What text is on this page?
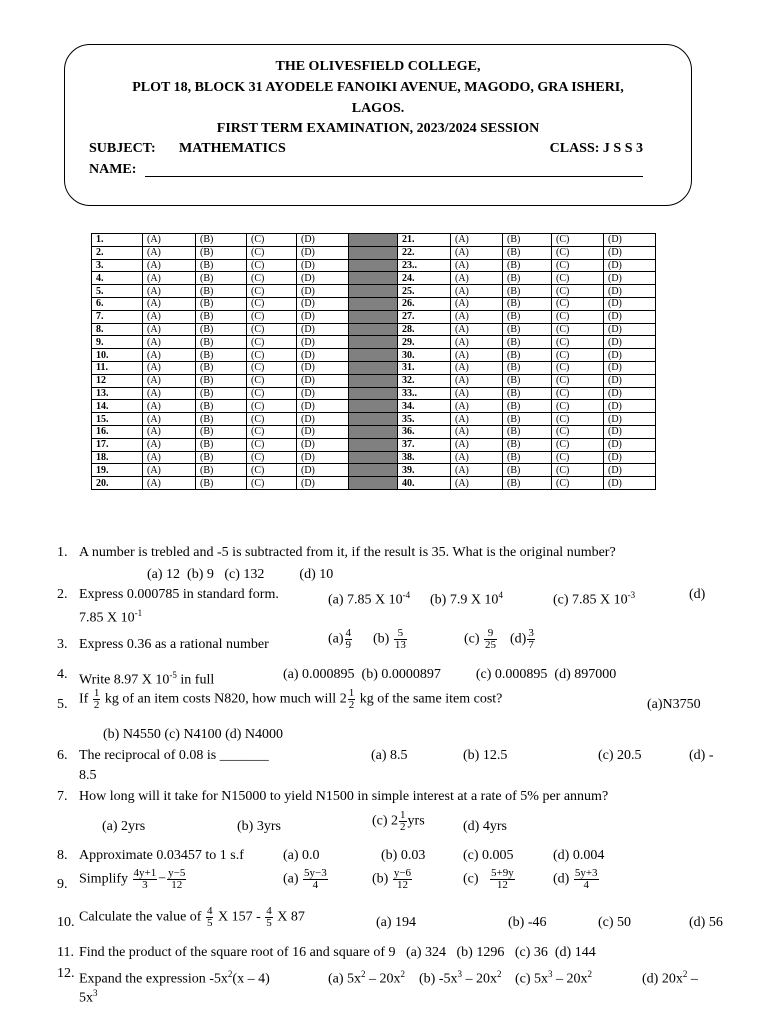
THE OLIVESFIELD COLLEGE,
PLOT 18, BLOCK 31 AYODELE FANOIKI AVENUE, MAGODO, GRA ISHERI,
LAGOS.
FIRST TERM EXAMINATION, 2023/2024 SESSION
SUBJECT: MATHEMATICS	CLASS: J S S 3
NAME:
1.	(A)	(B)	(C)	(D)		21.	(A)	(B)	(C)	(D)
2.	(A)	(B)	(C)	(D)		22.	(A)	(B)	(C)	(D)
3.	(A)	(B)	(C)	(D)		23..	(A)	(B)	(C)	(D)
4.	(A)	(B)	(C)	(D)		24.	(A)	(B)	(C)	(D)
5.	(A)	(B)	(C)	(D)		25.	(A)	(B)	(C)	(D)
6.	(A)	(B)	(C)	(D)		26.	(A)	(B)	(C)	(D)
7.	(A)	(B)	(C)	(D)		27.	(A)	(B)	(C)	(D)
8.	(A)	(B)	(C)	(D)		28.	(A)	(B)	(C)	(D)
9.	(A)	(B)	(C)	(D)		29.	(A)	(B)	(C)	(D)
10.	(A)	(B)	(C)	(D)		30.	(A)	(B)	(C)	(D)
11.	(A)	(B)	(C)	(D)		31.	(A)	(B)	(C)	(D)
12	(A)	(B)	(C)	(D)		32.	(A)	(B)	(C)	(D)
13.	(A)	(B)	(C)	(D)		33..	(A)	(B)	(C)	(D)
14.	(A)	(B)	(C)	(D)		34.	(A)	(B)	(C)	(D)
15.	(A)	(B)	(C)	(D)		35.	(A)	(B)	(C)	(D)
16.	(A)	(B)	(C)	(D)		36.	(A)	(B)	(C)	(D)
17.	(A)	(B)	(C)	(D)		37.	(A)	(B)	(C)	(D)
18.	(A)	(B)	(C)	(D)		38.	(A)	(B)	(C)	(D)
19.	(A)	(B)	(C)	(D)		39.	(A)	(B)	(C)	(D)
20.	(A)	(B)	(C)	(D)		40.	(A)	(B)	(C)	(D)
1. A number is trebled and -5 is subtracted from it, if the result is 35. What is the original number?
(a) 12  (b) 9   (c) 132          (d) 10
2. Express 0.000785 in standard form.	(a) 7.85 X $10^{-4}$ (b) 7.9 X $10^4$	(c) 7.85 X $10^{-3}$	(d)
7.85 X $10^{-1}$
3. Express 0.36 as a rational number	$(a) \frac{4}{9} (b) \frac{5}{13}$	$(c) \frac{9}{25} (d) \frac{3}{7}$
4. Write 8.97 X $10^{-5}$ in full	(a) 0.000895  (b) 0.0000897          (c) 0.000895  (d) 897000
5. If $\frac{1}{2}$ kg of an item costs N820, how much will $2 \frac{1}{2}$ kg of the same item cost?	(a)N3750
(b) N4550 (c) N4100 (d) N4000
6. The reciprocal of 0.08 is _______	(a) 8.5	(b) 12.5	(c) 20.5	(d) -
8.5
7. How long will it take for N15000 to yield N1500 in simple interest at a rate of 5% per annum?
(a) 2yrs	(b) 3yrs	(c) $2 \frac{1}{2}$ yrs	(d) 4yrs
8. Approximate 0.03457 to 1 s.f	(a) 0.0	(b) 0.03	(c) 0.005	(d) 0.004
9. Simplify $\frac{4y+1}{3} - \frac{y-5}{12}$	$(a) \frac{5y-3}{4}$	$(b) \frac{y-6}{12}$	$(c) \frac{5+9y}{12}$	$(d) \frac{5y+3}{4}$
10. Calculate the value of $\frac{4}{5}$ X $157 - \frac{4}{5}$ X 87	(a) 194	(b) -46	(c) 50	(d) 56
11. Find the product of the square root of 16 and square of 9   (a) 324   (b) 1296   (c) 36  (d) 144
12. Expand the expression $-5x^2(x - 4)$	(a) $5x^2 - 20x^2$ (b) $-5x^3 - 20x^2$ (c) $5x^3 - 20x^2$	(d) $20x^2$ –
$5x^3$
